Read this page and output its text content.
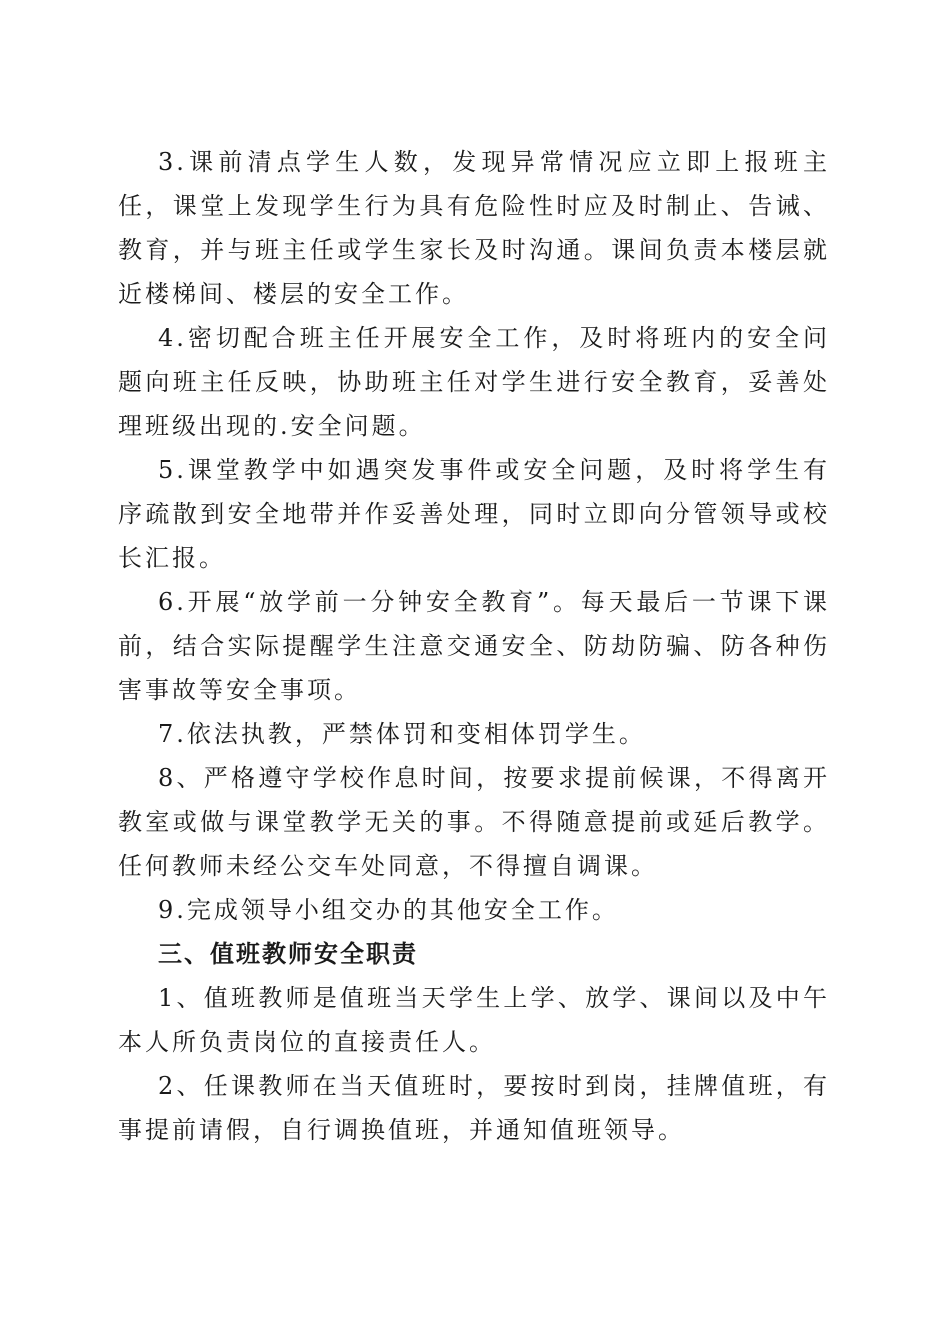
3.课前清点学生人数，发现异常情况应立即上报班主任，课堂上发现学生行为具有危险性时应及时制止、告诫、教育，并与班主任或学生家长及时沟通。课间负责本楼层就近楼梯间、楼层的安全工作。

4.密切配合班主任开展安全工作，及时将班内的安全问题向班主任反映，协助班主任对学生进行安全教育，妥善处理班级出现的.安全问题。

5.课堂教学中如遇突发事件或安全问题，及时将学生有序疏散到安全地带并作妥善处理，同时立即向分管领导或校长汇报。

6.开展“放学前一分钟安全教育”。每天最后一节课下课前，结合实际提醒学生注意交通安全、防劫防骗、防各种伤害事故等安全事项。

7.依法执教，严禁体罚和变相体罚学生。

8、严格遵守学校作息时间，按要求提前候课，不得离开教室或做与课堂教学无关的事。不得随意提前或延后教学。任何教师未经公交车处同意，不得擅自调课。

9.完成领导小组交办的其他安全工作。

三、值班教师安全职责

1、值班教师是值班当天学生上学、放学、课间以及中午本人所负责岗位的直接责任人。

2、任课教师在当天值班时，要按时到岗，挂牌值班，有事提前请假，自行调换值班，并通知值班领导。
